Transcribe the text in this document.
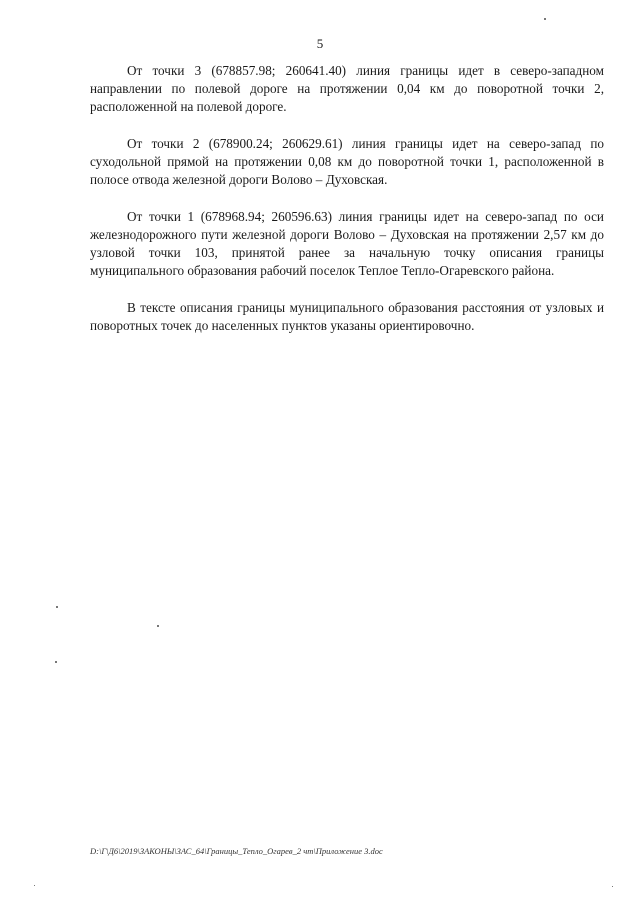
5

От точки 3 (678857.98; 260641.40) линия границы идет в северо-западном направлении по полевой дороге на протяжении 0,04 км до поворотной точки 2, расположенной на полевой дороге.

От точки 2 (678900.24; 260629.61) линия границы идет на северо-запад по суходольной прямой на протяжении 0,08 км до поворотной точки 1, расположенной в полосе отвода железной дороги Волово – Духовская.

От точки 1 (678968.94; 260596.63) линия границы идет на северо-запад по оси железнодорожного пути железной дороги Волово – Духовская на протяжении 2,57 км до узловой точки 103, принятой ранее за начальную точку описания границы муниципального образования рабочий поселок Теплое Тепло-Огаревского района.

В тексте описания границы муниципального образования расстояния от узловых и поворотных точек до населенных пунктов указаны ориентировочно.

D:\Г\Д6\2019\ЗАКОНЫ\ЗАС_64\Границы_Тепло_Огарев_2 чт\Приложение 3.doc
